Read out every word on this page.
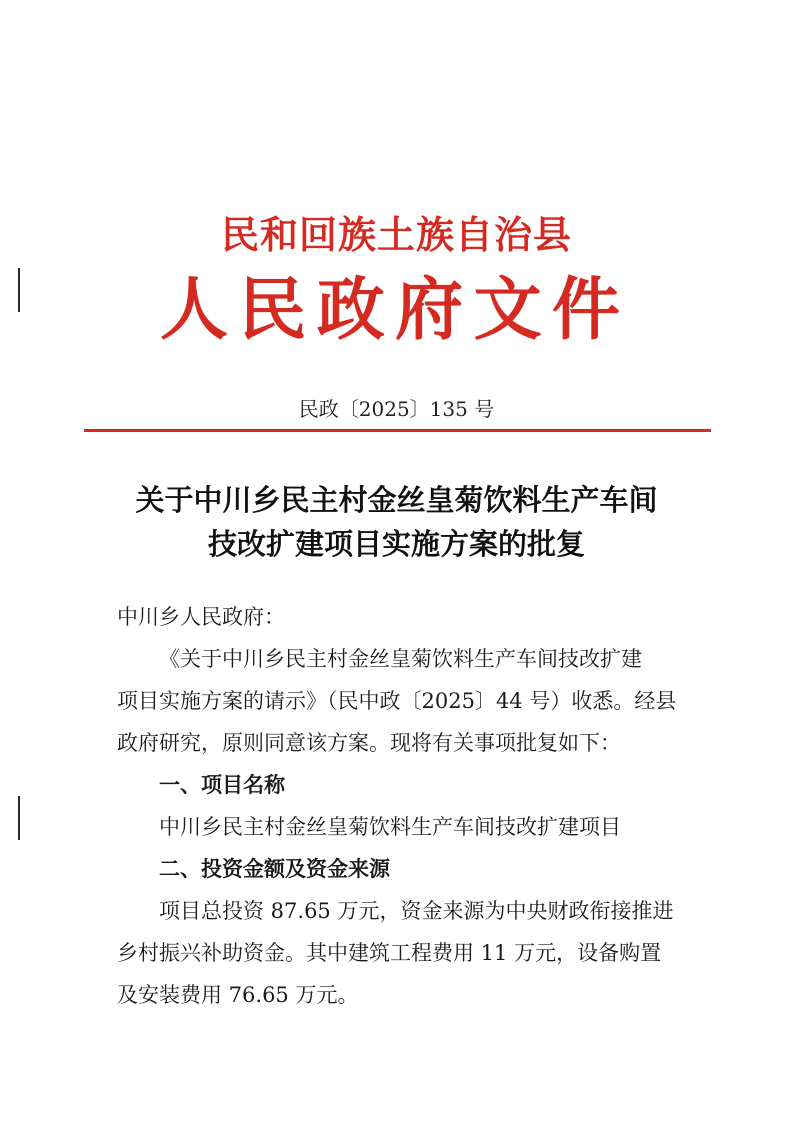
民和回族土族自治县
人 民 政 府 文 件
民政〔2025〕135 号
关于中川乡民主村金丝皇菊饮料生产车间
技改扩建项目实施方案的批复
中川乡人民政府：
《关于中川乡民主村金丝皇菊饮料生产车间技改扩建
项目实施方案的请示》（民中政〔2025〕44 号）收悉。经县
政府研究，原则同意该方案。现将有关事项批复如下：
一、项目名称
中川乡民主村金丝皇菊饮料生产车间技改扩建项目
二、投资金额及资金来源
项目总投资 87.65 万元，资金来源为中央财政衔接推进
乡村振兴补助资金。其中建筑工程费用 11 万元，设备购置
及安装费用 76.65 万元。
